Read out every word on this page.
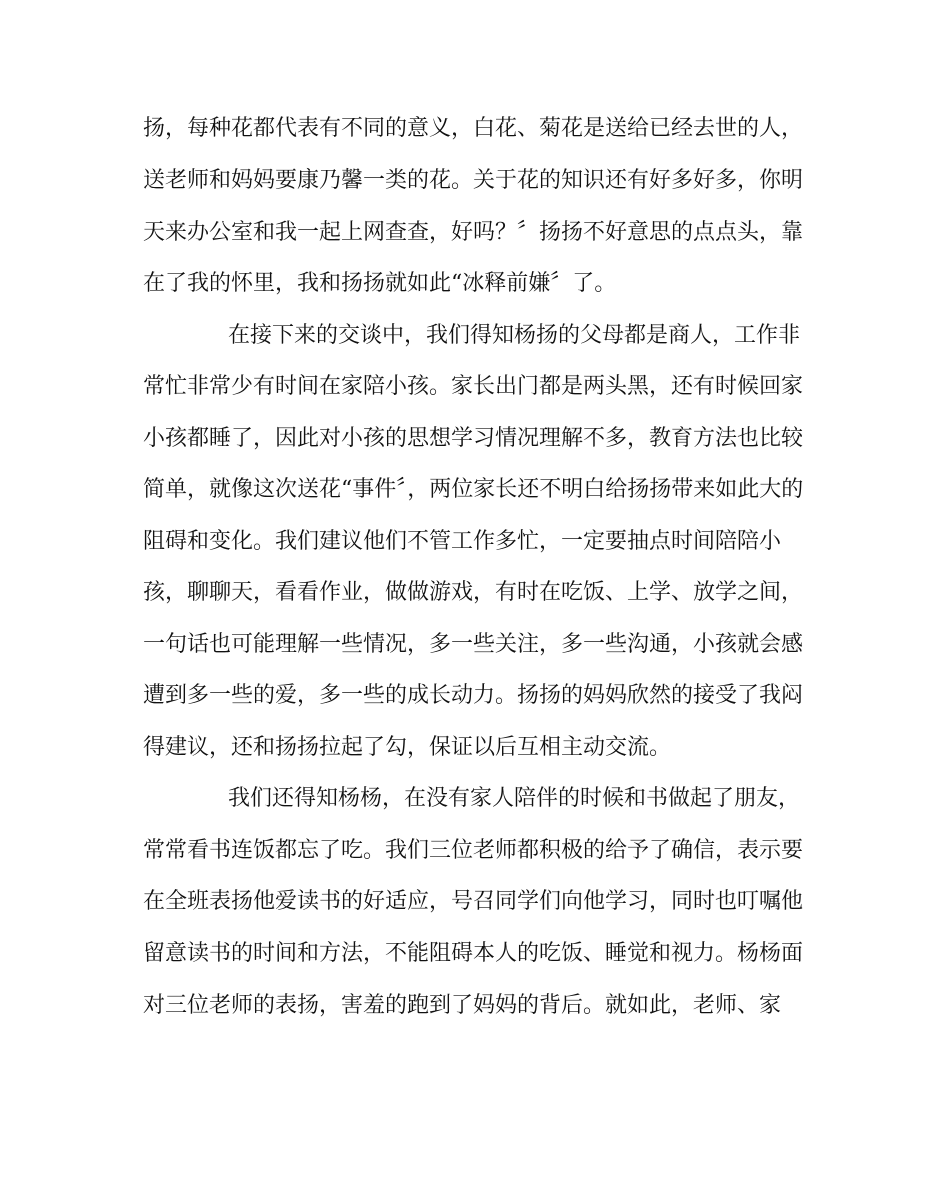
扬，每种花都代表有不同的意义，白花、菊花是送给已经去世的人，
送老师和妈妈要康乃馨一类的花。关于花的知识还有好多好多，你明
天来办公室和我一起上网查查，好吗？〞扬扬不好意思的点点头，靠
在了我的怀里，我和扬扬就如此“冰释前嫌〞了。
在接下来的交谈中，我们得知杨扬的父母都是商人，工作非
常忙非常少有时间在家陪小孩。家长出门都是两头黑，还有时候回家
小孩都睡了，因此对小孩的思想学习情况理解不多，教育方法也比较
简单，就像这次送花“事件〞，两位家长还不明白给扬扬带来如此大的
阻碍和变化。我们建议他们不管工作多忙，一定要抽点时间陪陪小
孩，聊聊天，看看作业，做做游戏，有时在吃饭、上学、放学之间，
一句话也可能理解一些情况，多一些关注，多一些沟通，小孩就会感
遭到多一些的爱，多一些的成长动力。扬扬的妈妈欣然的接受了我闷
得建议，还和扬扬拉起了勾，保证以后互相主动交流。
我们还得知杨杨，在没有家人陪伴的时候和书做起了朋友，
常常看书连饭都忘了吃。我们三位老师都积极的给予了确信，表示要
在全班表扬他爱读书的好适应，号召同学们向他学习，同时也叮嘱他
留意读书的时间和方法，不能阻碍本人的吃饭、睡觉和视力。杨杨面
对三位老师的表扬，害羞的跑到了妈妈的背后。就如此，老师、家
